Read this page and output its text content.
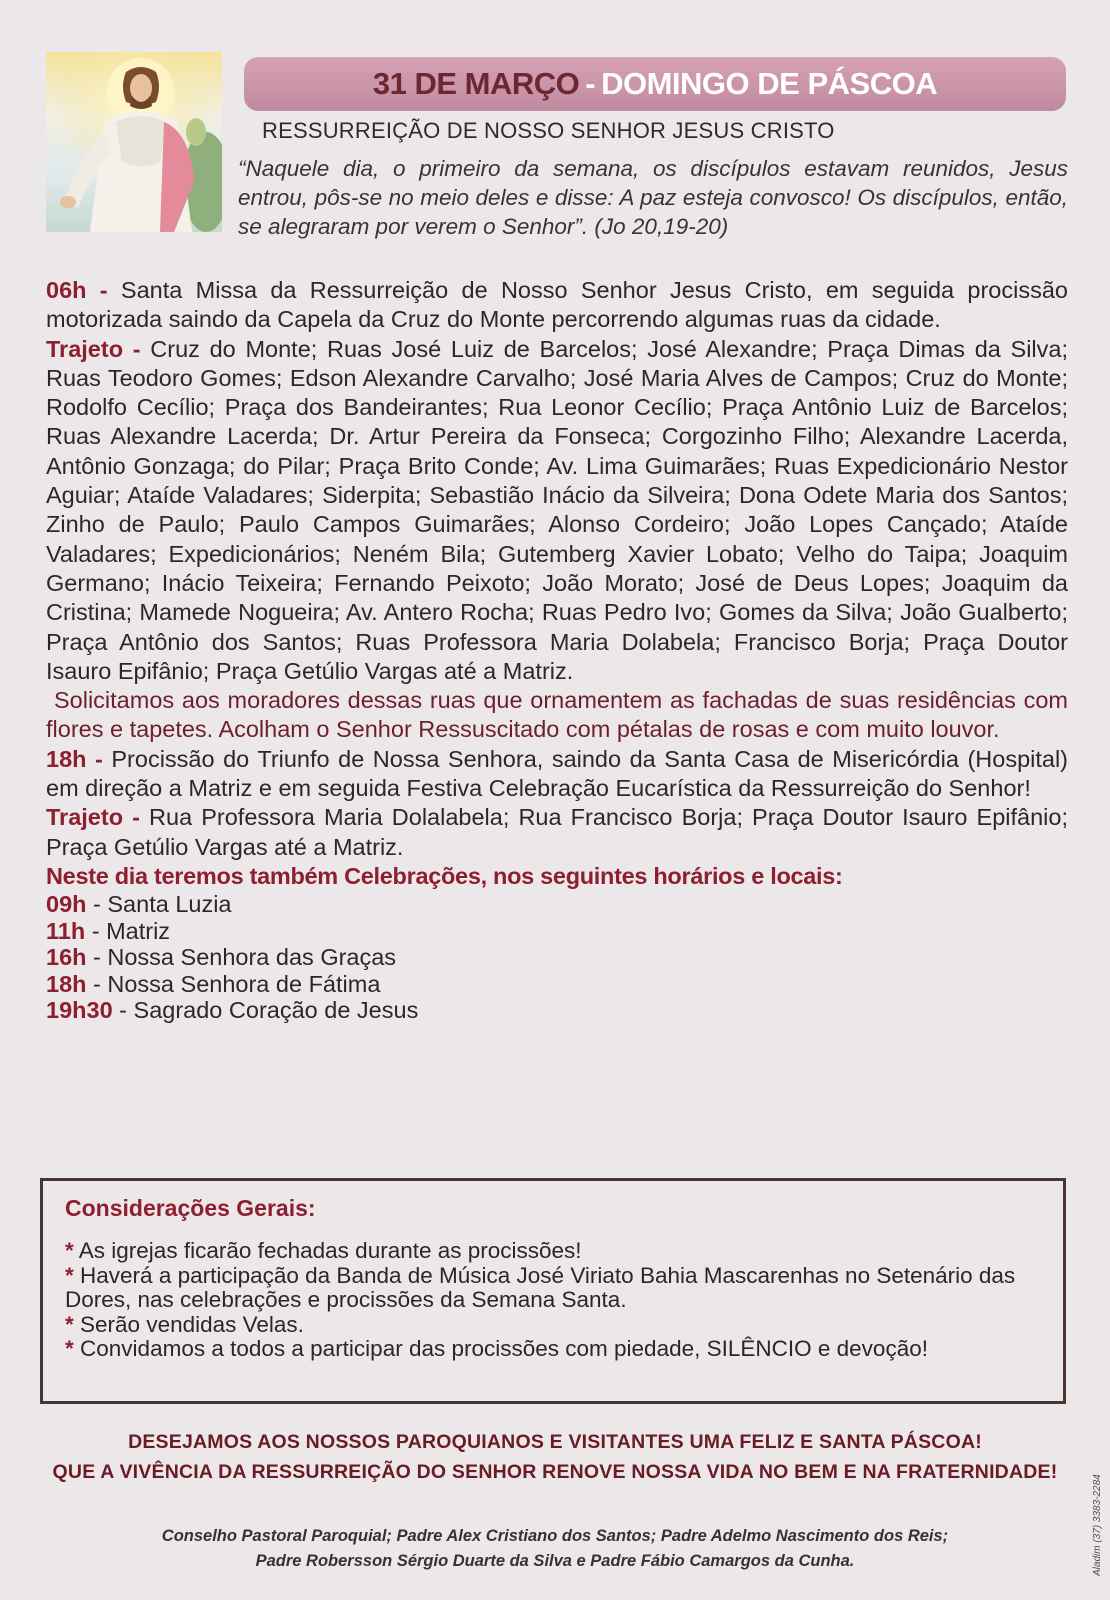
31 DE MARÇO - DOMINGO DE PÁSCOA
RESSURREIÇÃO DE NOSSO SENHOR JESUS CRISTO
“Naquele dia, o primeiro da semana, os discípulos estavam reunidos, Jesus entrou, pôs-se no meio deles e disse: A paz esteja convosco! Os discípulos, então, se alegraram por verem o Senhor”. (Jo 20,19-20)

06h - Santa Missa da Ressurreição de Nosso Senhor Jesus Cristo, em seguida procissão motorizada saindo da Capela da Cruz do Monte percorrendo algumas ruas da cidade.

Trajeto - Cruz do Monte; Ruas José Luiz de Barcelos; José Alexandre; Praça Dimas da Silva; Ruas Teodoro Gomes; Edson Alexandre Carvalho; José Maria Alves de Campos; Cruz do Monte; Rodolfo Cecílio; Praça dos Bandeirantes; Rua Leonor Cecílio; Praça Antônio Luiz de Barcelos; Ruas Alexandre Lacerda; Dr. Artur Pereira da Fonseca; Corgozinho Filho; Alexandre Lacerda, Antônio Gonzaga; do Pilar; Praça Brito Conde; Av. Lima Guimarães; Ruas Expedicionário Nestor Aguiar; Ataíde Valadares; Siderpita; Sebastião Inácio da Silveira; Dona Odete Maria dos Santos; Zinho de Paulo; Paulo Campos Guimarães; Alonso Cordeiro; João Lopes Cançado; Ataíde Valadares; Expedicionários; Neném Bila; Gutemberg Xavier Lobato; Velho do Taipa; Joaquim Germano; Inácio Teixeira; Fernando Peixoto; João Morato; José de Deus Lopes; Joaquim da Cristina; Mamede Nogueira; Av. Antero Rocha; Ruas Pedro Ivo; Gomes da Silva; João Gualberto; Praça Antônio dos Santos; Ruas Professora Maria Dolabela; Francisco Borja; Praça Doutor Isauro Epifânio; Praça Getúlio Vargas até a Matriz.

Solicitamos aos moradores dessas ruas que ornamentem as fachadas de suas residências com flores e tapetes. Acolham o Senhor Ressuscitado com pétalas de rosas e com muito louvor.

18h - Procissão do Triunfo de Nossa Senhora, saindo da Santa Casa de Misericórdia (Hospital) em direção a Matriz e em seguida Festiva Celebração Eucarística da Ressurreição do Senhor!

Trajeto - Rua Professora Maria Dolalabela; Rua Francisco Borja; Praça Doutor Isauro Epifânio; Praça Getúlio Vargas até a Matriz.

Neste dia teremos também Celebrações, nos seguintes horários e locais:

09h - Santa Luzia
11h - Matriz
16h - Nossa Senhora das Graças
18h - Nossa Senhora de Fátima
19h30 - Sagrado Coração de Jesus
Considerações Gerais:
* As igrejas ficarão fechadas durante as procissões!
* Haverá a participação da Banda de Música José Viriato Bahia Mascarenhas no Setenário das Dores, nas celebrações e procissões da Semana Santa.
* Serão vendidas Velas.
* Convidamos a todos a participar das procissões com piedade, SILÊNCIO e devoção!
DESEJAMOS AOS NOSSOS PAROQUIANOS E VISITANTES UMA FELIZ E SANTA PÁSCOA!
QUE A VIVÊNCIA DA RESSURREIÇÃO DO SENHOR RENOVE NOSSA VIDA NO BEM E NA FRATERNIDADE!
Conselho Pastoral Paroquial; Padre Alex Cristiano dos Santos; Padre Adelmo Nascimento dos Reis;
Padre Robersson Sérgio Duarte da Silva e Padre Fábio Camargos da Cunha.	Aladim (37) 3383-2284
